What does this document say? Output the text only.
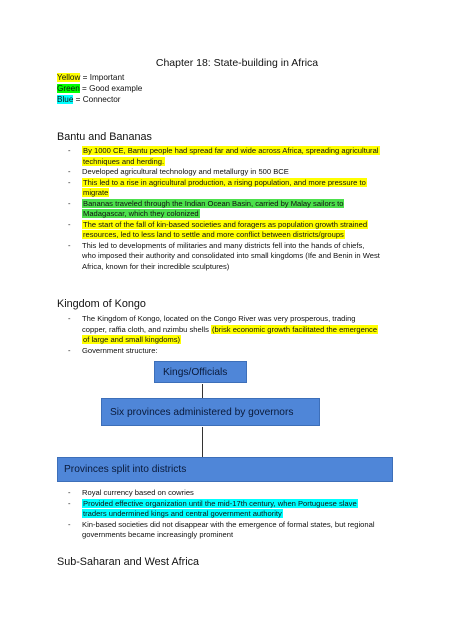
Chapter 18: State-building in Africa
Yellow = Important
Green = Good example
Blue = Connector
Bantu and Bananas
- By 1000 CE, Bantu people had spread far and wide across Africa, spreading agricultural
techniques and herding.
- Developed agricultural technology and metallurgy in 500 BCE
- This led to a rise in agricultural production, a rising population, and more pressure to
migrate
- Bananas traveled through the Indian Ocean Basin, carried by Malay sailors to
Madagascar, which they colonized
- The start of the fall of kin-based societies and foragers as population growth strained
resources, led to less land to settle and more conflict between districts/groups
- This led to developments of militaries and many districts fell into the hands of chiefs,
who imposed their authority and consolidated into small kingdoms (Ife and Benin in West
Africa, known for their incredible sculptures)
Kingdom of Kongo
- The Kingdom of Kongo, located on the Congo River was very prosperous, trading
copper, raffia cloth, and nzimbu shells (brisk economic growth facilitated the emergence
of large and small kingdoms)
- Government structure:
Kings/Officials
Six provinces administered by governors
Provinces split into districts
- Royal currency based on cowries
- Provided effective organization until the mid-17th century, when Portuguese slave
traders undermined kings and central government authority
- Kin-based societies did not disappear with the emergence of formal states, but regional
governments became increasingly prominent
Sub-Saharan and West Africa
